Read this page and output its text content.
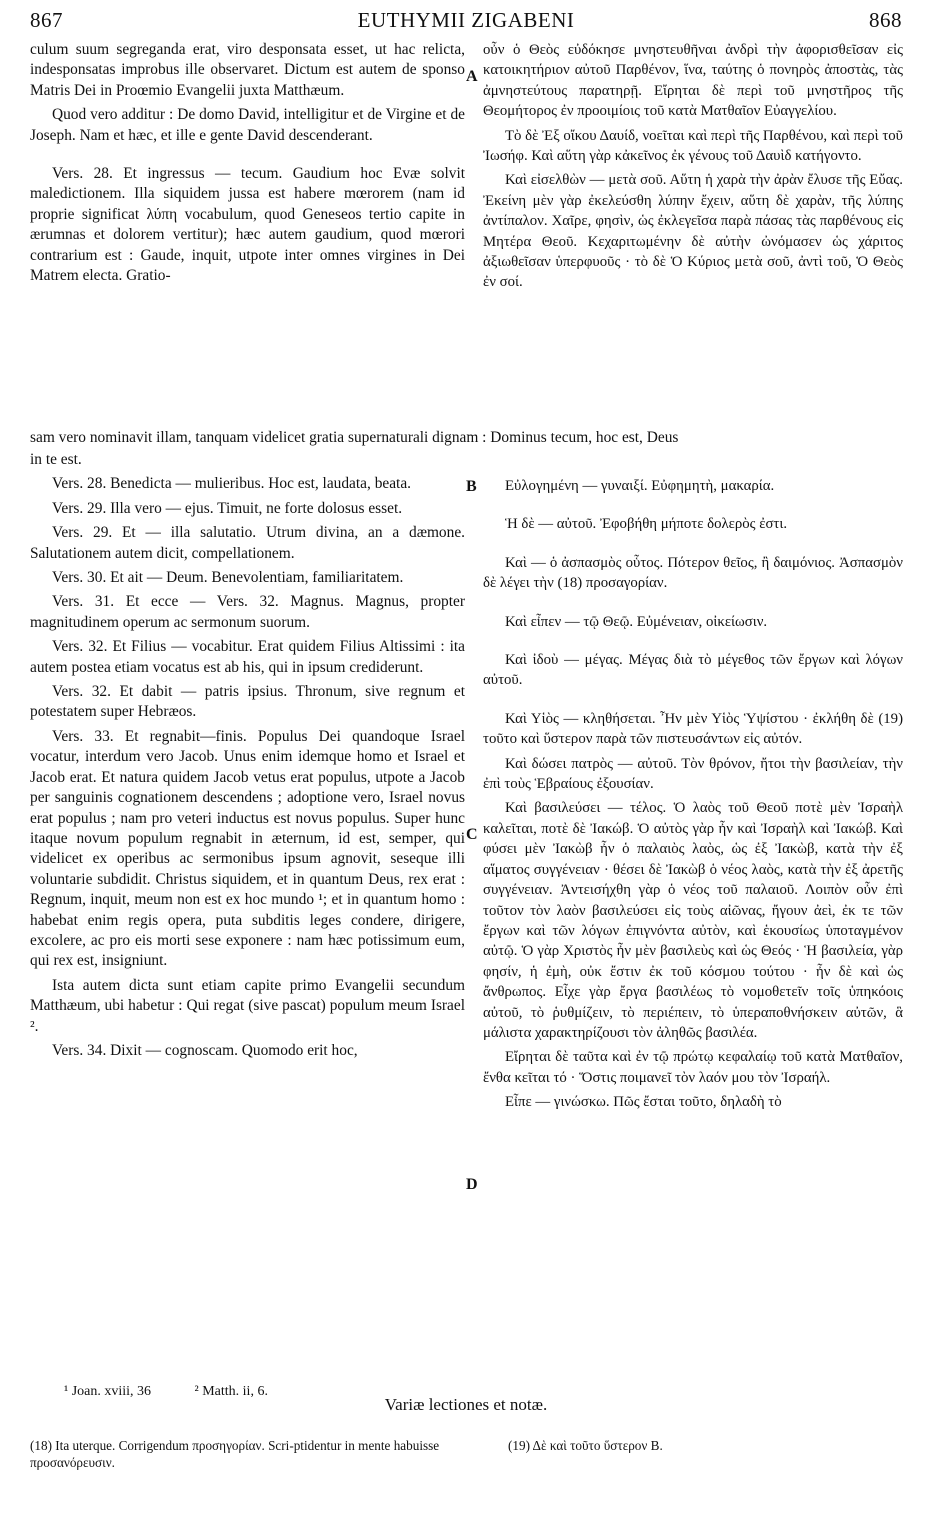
867	EUTHYMII ZIGABENI	868

culum suum segreganda erat, viro desponsata esset, ut hac relicta, indesponsatas improbus ille observaret. Dictum est autem de sponso Matris Dei in Proœmio Evangelii juxta Matthæum.

Quod vero additur : De domo David, intelligitur et de Virgine et de Joseph. Nam et hæc, et ille e gente David descenderant.

Vers. 28. Et ingressus — tecum. Gaudium hoc Evæ solvit maledictionem. Illa siquidem jussa est habere mœrorem (nam id proprie significat λύπη vocabulum, quod Geneseos tertio capite in ærumnas et dolorem vertitur); hæc autem gaudium, quod mœrori contrarium est : Gaude, inquit, utpote inter omnes virgines in Dei Matrem electa. Gratio-

οὖν ὁ Θεὸς εὐδόκησε μνηστευθῆναι ἀνδρὶ τὴν ἀφορισθεῖσαν εἰς κατοικητήριον αὐτοῦ Παρθένον, ἵνα, ταύτης ὁ πονηρὸς ἀποστὰς, τὰς ἀμνηστεύτους παρατηρῇ. Εἴρηται δὲ περὶ τοῦ μνηστῆρος τῆς Θεομήτορος ἐν προοιμίοις τοῦ κατὰ Ματθαῖον Εὐαγγελίου.

Τὸ δὲ Ἐξ οἴκου Δαυίδ, νοεῖται καὶ περὶ τῆς Παρθένου, καὶ περὶ τοῦ Ἰωσήφ. Καὶ αὕτη γὰρ κἀκεῖνος ἐκ γένους τοῦ Δαυὶδ κατήγοντο.

Καὶ εἰσελθὼν — μετὰ σοῦ. Αὕτη ἡ χαρὰ τὴν ἀρὰν ἔλυσε τῆς Εὔας. Ἐκείνη μὲν γὰρ ἐκελεύσθη λύπην ἔχειν, αὕτη δὲ χαρὰν, τῆς λύπης ἀντίπαλον. Χαῖρε, φησὶν, ὡς ἐκλεγεῖσα παρὰ πάσας τὰς παρθένους εἰς Μητέρα Θεοῦ. Κεχαριτωμένην δὲ αὐτὴν ὠνόμασεν ὡς χάριτος ἀξιωθεῖσαν ὑπερφυοῦς · τὸ δὲ Ὁ Κύριος μετὰ σοῦ, ἀντὶ τοῦ, Ὁ Θεὸς ἐν σοί.

sam vero nominavit illam, tanquam videlicet gratia supernaturali dignam : Dominus tecum, hoc est, Deus

in te est.

Vers. 28. Benedicta — mulieribus. Hoc est, laudata, beata.

Vers. 29. Illa vero — ejus. Timuit, ne forte dolosus esset.

Vers. 29. Et — illa salutatio. Utrum divina, an a dæmone. Salutationem autem dicit, compellationem.

Vers. 30. Et ait — Deum. Benevolentiam, familiaritatem.

Vers. 31. Et ecce — Vers. 32. Magnus. Magnus, propter magnitudinem operum ac sermonum suorum.

Vers. 32. Et Filius — vocabitur. Erat quidem Filius Altissimi : ita autem postea etiam vocatus est ab his, qui in ipsum crediderunt.

Vers. 32. Et dabit — patris ipsius. Thronum, sive regnum et potestatem super Hebræos.

Vers. 33. Et regnabit—finis. Populus Dei quandoque Israel vocatur, interdum vero Jacob. Unus enim idemque homo et Israel et Jacob erat. Et natura quidem Jacob vetus erat populus, utpote a Jacob per sanguinis cognationem descendens ; adoptione vero, Israel novus erat populus ; nam pro veteri inductus est novus populus. Super hunc itaque novum populum regnabit in æternum, id est, semper, qui videlicet ex operibus ac sermonibus ipsum agnovit, seseque illi voluntarie subdidit. Christus siquidem, et in quantum Deus, rex erat : Regnum, inquit, meum non est ex hoc mundo ¹; et in quantum homo : habebat enim regis opera, puta subditis leges condere, dirigere, excolere, ac pro eis morti sese exponere : nam hæc potissimum eum, qui rex est, insigniunt.

Ista autem dicta sunt etiam capite primo Evangelii secundum Matthæum, ubi habetur : Qui regat (sive pascat) populum meum Israel ².

Vers. 34. Dixit — cognoscam. Quomodo erit hoc,

Εὐλογημένη — γυναιξί. Εὐφημητὴ, μακαρία.

Ἡ δὲ — αὐτοῦ. Ἐφοβήθη μήποτε δολερὸς ἐστι.

Καὶ — ὁ ἀσπασμὸς οὗτος. Πότερον θεῖος, ἢ δαιμόνιος. Ἀσπασμὸν δὲ λέγει τὴν (18) προσαγορίαν.

Καὶ εἶπεν — τῷ Θεῷ. Εὐμένειαν, οἰκείωσιν.

Καὶ ἰδοὺ — μέγας. Μέγας διὰ τὸ μέγεθος τῶν ἔργων καὶ λόγων αὐτοῦ.

Καὶ Υἱὸς — κληθήσεται. Ἦν μὲν Υἱὸς Ὑψίστου · ἐκλήθη δὲ (19) τοῦτο καὶ ὕστερον παρὰ τῶν πιστευσάντων εἰς αὐτόν.

Καὶ δώσει πατρὸς — αὐτοῦ. Τὸν θρόνον, ἤτοι τὴν βασιλείαν, τὴν ἐπὶ τοὺς Ἑβραίους ἐξουσίαν.

Καὶ βασιλεύσει — τέλος. Ὁ λαὸς τοῦ Θεοῦ ποτὲ μὲν Ἰσραὴλ καλεῖται, ποτὲ δὲ Ἰακώβ. Ὁ αὐτὸς γὰρ ἦν καὶ Ἰσραὴλ καὶ Ἰακώβ. Καὶ φύσει μὲν Ἰακὼβ ἦν ὁ παλαιὸς λαὸς, ὡς ἐξ Ἰακὼβ, κατὰ τὴν ἐξ αἵματος συγγένειαν · θέσει δὲ Ἰακὼβ ὁ νέος λαὸς, κατὰ τὴν ἐξ ἀρετῆς συγγένειαν. Ἀντεισήχθη γὰρ ὁ νέος τοῦ παλαιοῦ. Λοιπὸν οὖν ἐπὶ τοῦτον τὸν λαὸν βασιλεύσει εἰς τοὺς αἰῶνας, ἤγουν ἀεὶ, ἐκ τε τῶν ἔργων καὶ τῶν λόγων ἐπιγνόντα αὐτὸν, καὶ ἑκουσίως ὑποταγμένον αὐτῷ. Ὁ γὰρ Χριστὸς ἦν μὲν βασιλεὺς καὶ ὡς Θεός · Ἡ βασιλεία, γὰρ φησίν, ἡ ἐμὴ, οὐκ ἔστιν ἐκ τοῦ κόσμου τούτου · ἦν δὲ καὶ ὡς ἄνθρωπος. Εἶχε γὰρ ἔργα βασιλέως τὸ νομοθετεῖν τοῖς ὑπηκόοις αὐτοῦ, τὸ ῥυθμίζειν, τὸ περιέπειν, τὸ ὑπεραποθνήσκειν αὐτῶν, ἃ μάλιστα χαρακτηρίζουσι τὸν ἀληθῶς βασιλέα.

Εἴρηται δὲ ταῦτα καὶ ἐν τῷ πρώτῳ κεφαλαίῳ τοῦ κατὰ Ματθαῖον, ἔνθα κεῖται τό · Ὅστις ποιμανεῖ τὸν λαόν μου τὸν Ἰσραήλ.

Εἶπε — γινώσκω. Πῶς ἔσται τοῦτο, δηλαδὴ τὸ

A
B
C
D
¹ Joan. xviii, 36	² Matth. ii, 6.
Variæ lectiones et notæ.
(18) Ita uterque. Corrigendum προσηγορίαν. Scri-ptidentur in mente habuisse προσανόρευσιν.
(19) Δὲ καὶ τοῦτο ὕστερον B.
